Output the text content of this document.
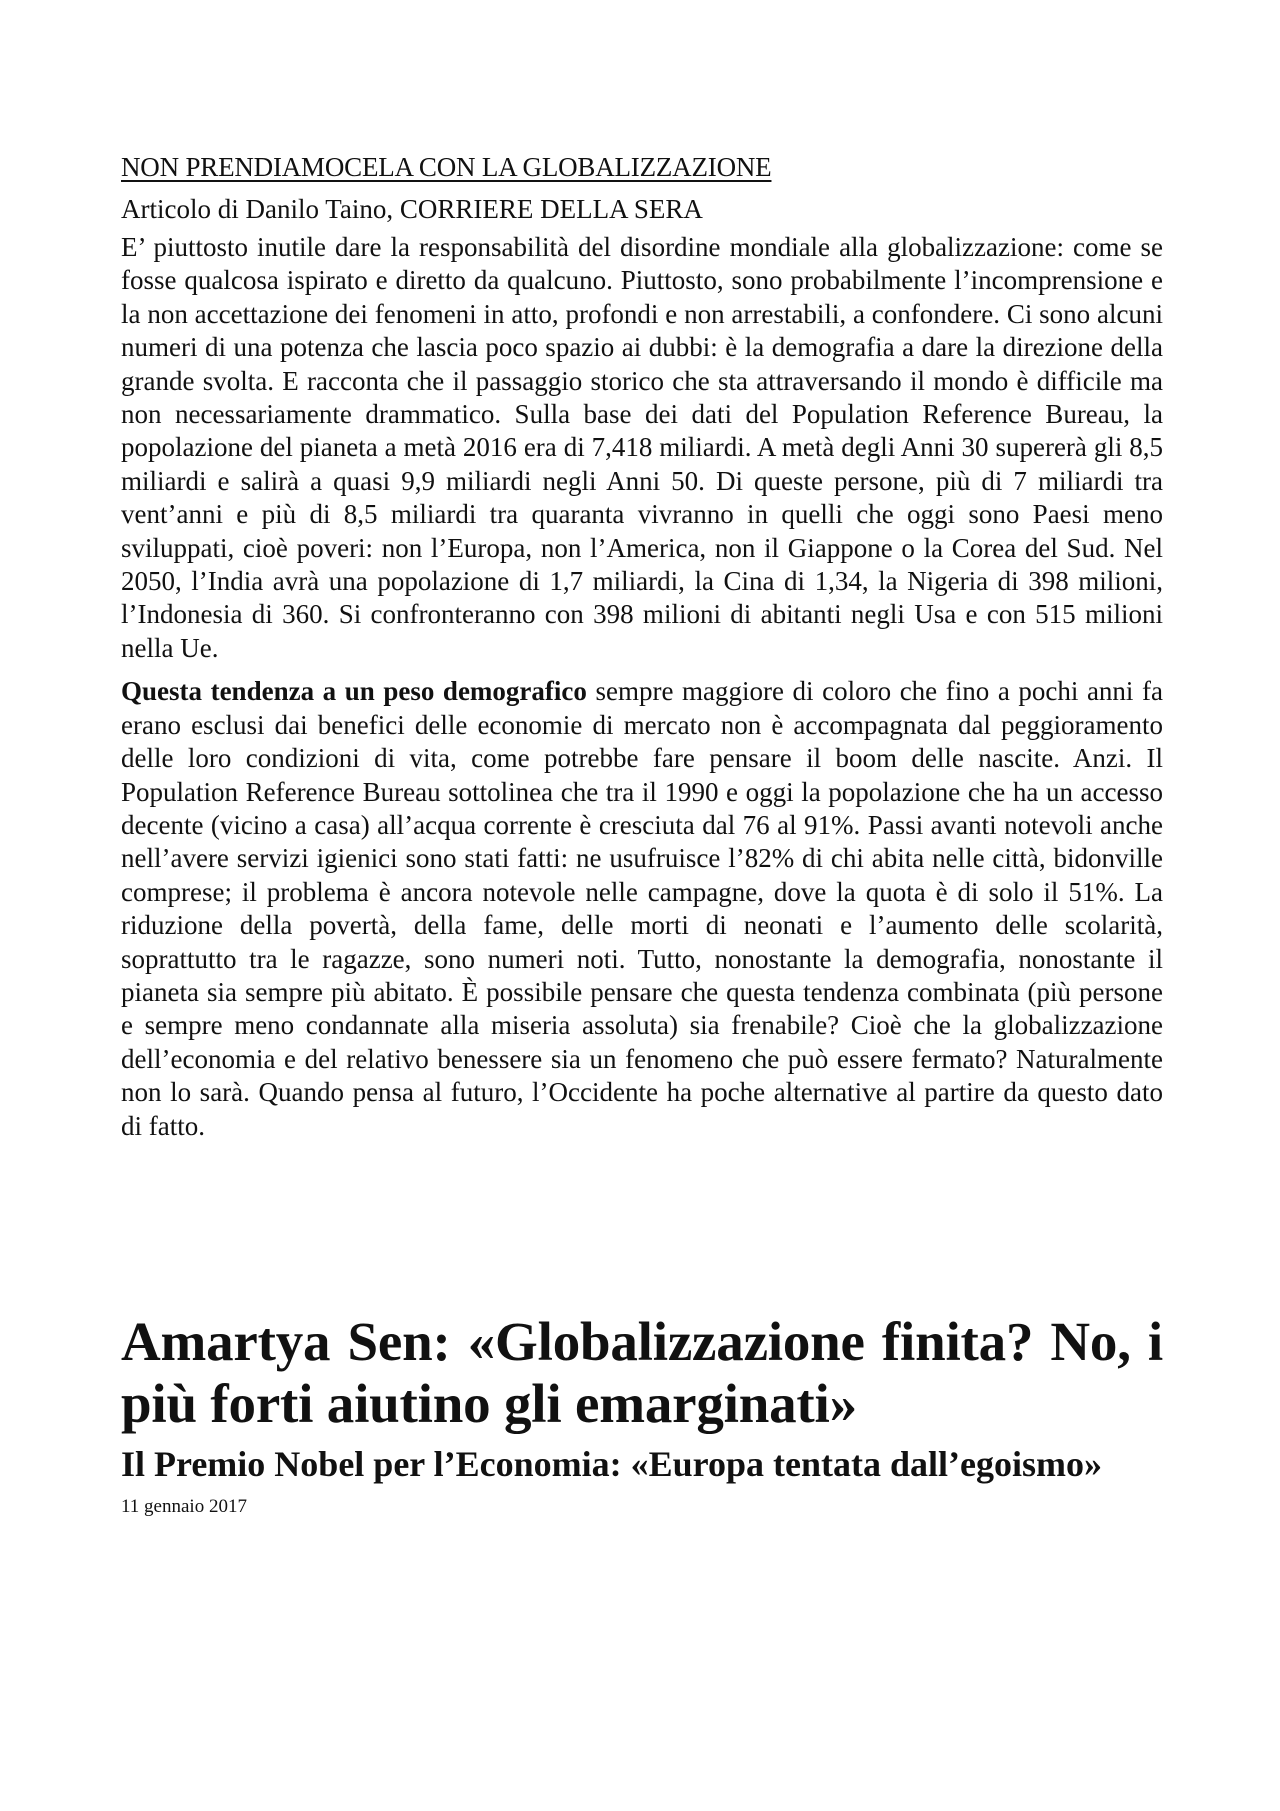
NON PRENDIAMOCELA CON LA GLOBALIZZAZIONE

Articolo di Danilo Taino, CORRIERE DELLA SERA

E’ piuttosto inutile dare la responsabilità del disordine mondiale alla globalizzazione: come se fosse qualcosa ispirato e diretto da qualcuno. Piuttosto, sono probabilmente l’incomprensione e la non accettazione dei fenomeni in atto, profondi e non arrestabili, a confondere. Ci sono alcuni numeri di una potenza che lascia poco spazio ai dubbi: è la demografia a dare la direzione della grande svolta. E racconta che il passaggio storico che sta attraversando il mondo è difficile ma non necessariamente drammatico. Sulla base dei dati del Population Reference Bureau, la popolazione del pianeta a metà 2016 era di 7,418 miliardi. A metà degli Anni 30 supererà gli 8,5 miliardi e salirà a quasi 9,9 miliardi negli Anni 50. Di queste persone, più di 7 miliardi tra vent’anni e più di 8,5 miliardi tra quaranta vivranno in quelli che oggi sono Paesi meno sviluppati, cioè poveri: non l’Europa, non l’America, non il Giappone o la Corea del Sud. Nel 2050, l’India avrà una popolazione di 1,7 miliardi, la Cina di 1,34, la Nigeria di 398 milioni, l’Indonesia di 360. Si confronteranno con 398 milioni di abitanti negli Usa e con 515 milioni nella Ue.

Questa tendenza a un peso demografico sempre maggiore di coloro che fino a pochi anni fa erano esclusi dai benefici delle economie di mercato non è accompagnata dal peggioramento delle loro condizioni di vita, come potrebbe fare pensare il boom delle nascite. Anzi. Il Population Reference Bureau sottolinea che tra il 1990 e oggi la popolazione che ha un accesso decente (vicino a casa) all’acqua corrente è cresciuta dal 76 al 91%. Passi avanti notevoli anche nell’avere servizi igienici sono stati fatti: ne usufruisce l’82% di chi abita nelle città, bidonville comprese; il problema è ancora notevole nelle campagne, dove la quota è di solo il 51%. La riduzione della povertà, della fame, delle morti di neonati e l’aumento delle scolarità, soprattutto tra le ragazze, sono numeri noti. Tutto, nonostante la demografia, nonostante il pianeta sia sempre più abitato. È possibile pensare che questa tendenza combinata (più persone e sempre meno condannate alla miseria assoluta) sia frenabile? Cioè che la globalizzazione dell’economia e del relativo benessere sia un fenomeno che può essere fermato? Naturalmente non lo sarà. Quando pensa al futuro, l’Occidente ha poche alternative al partire da questo dato di fatto.

Amartya Sen: «Globalizzazione finita? No, i più forti aiutino gli emarginati»
Il Premio Nobel per l’Economia: «Europa tentata dall’egoismo»

11 gennaio 2017
